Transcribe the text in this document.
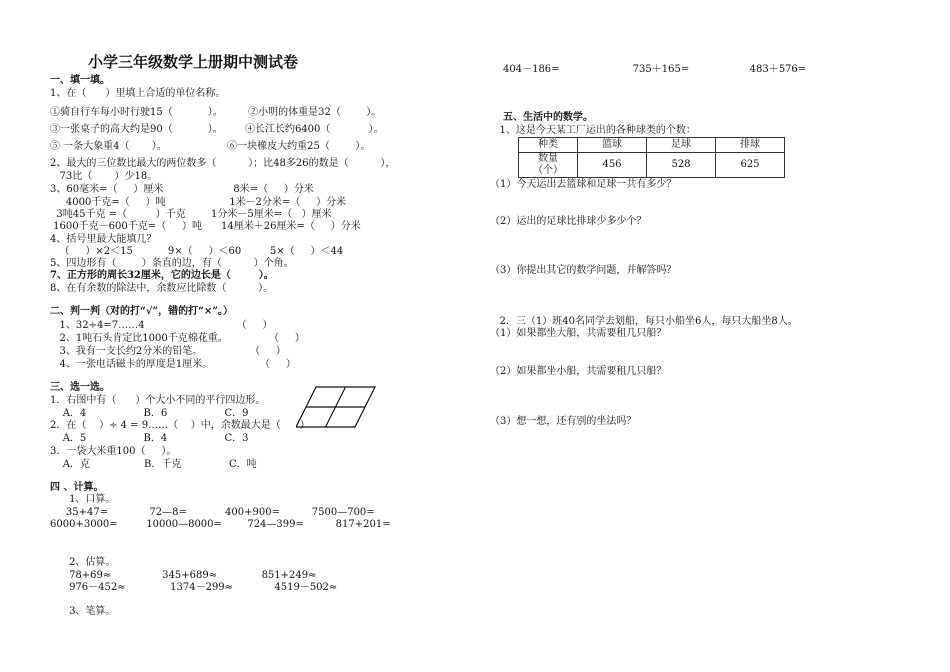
小学三年级数学上册期中测试卷
一、填一填。
1、在（      ）里填上合适的单位名称。
①骑自行车每小时行驶15（           ）。        ②小明的体重是32（        ）。
③一张桌子的高大约是90（           ）。       ④长江长约6400（            ）。
⑤ 一条大象重4（       ）。                   ⑥一块橡皮大约重25（        ）。
2、最大的三位数比最大的两位数多（          ）；比48多26的数是（          ），
73比（       ）少18。
3、60毫米=（     ）厘米                      8米=（     ）分米
4000千克=（     ）吨                    1米－2分米=（     ）分米
3吨45千克 =（         ）千克        1分米－5厘米=（   ）厘米
1600千克－600千克=（     ）吨      14厘米＋26厘米=（     ）分米
4、括号里最大能填几？
（     ）×2＜15           9×（     ）＜60         5×（     ）＜44
5、四边形有（        ）条直的边，有（          ）个角。
7、正方形的周长32厘米，它的边长是（        ）。
8、在有余数的除法中，余数应比除数（          ）。
二、判一判（对的打“√”，错的打“×”。）
1、32÷4=7……4                             （     ）
2、1吨石头肯定比1000千克棉花重。             （     ）
3、我有一支长约2分米的铅笔。               （     ）
4、一张电话磁卡的厚度是1厘米。               （     ）
三、选一选。
1．右图中有（      ）个大小不同的平行四边形。
A．4                  B．6                  C．9
2．在（    ）÷ 4 = 9……（    ）中，余数最大是（      ）
A．5                  B．4                  C．3
3．一袋大米重100（     ）。
A．克                 B．千克               C．吨
四 、计算。
1、口算。
35+47=             72—8=            400+900=          7500—700=
6000+3000=         10000—8000=        724—399=          817+201=
2、估算。
78+69≈                345+689≈              851+249≈
976－452≈              1374－299≈             4519－502≈
3、笔算。
404－186=                       735＋165=                   483＋576=
五、生活中的数学。
1、这是今天某工厂运出的各种球类的个数：
（1）今天运出去篮球和足球一共有多少？
（2）运出的足球比排球少多少个？
（3）你提出其它的数学问题，并解答吗？
2．三（1）班40名同学去划船，每只小船坐6人，每只大船坐8人。
（1）如果都坐大船，共需要租几只船？
（2）如果都坐小船，共需要租几只船？
（3）想一想，还有别的坐法吗？
种类	篮球	足球	排球

数量
（个）	456	528	625
